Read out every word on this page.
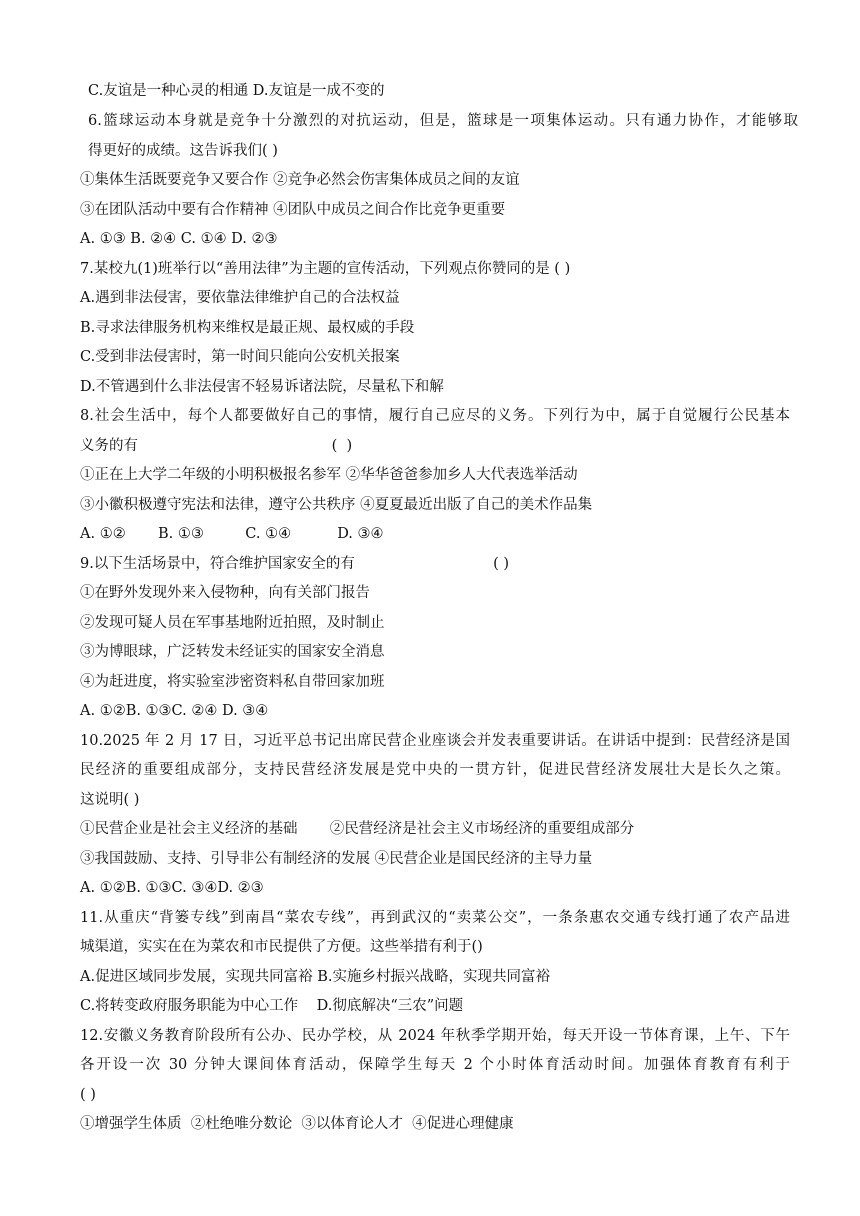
C.友谊是一种心灵的相通 D.友谊是一成不变的
6.篮球运动本身就是竞争十分激烈的对抗运动，但是，篮球是一项集体运动。只有通力协作，才能够取
得更好的成绩。这告诉我们( )
①集体生活既要竞争又要合作 ②竞争必然会伤害集体成员之间的友谊
③在团队活动中要有合作精神 ④团队中成员之间合作比竞争更重要
A. ①③ B. ②④ C. ①④ D. ②③
7.某校九(1)班举行以“善用法律”为主题的宣传活动，下列观点你赞同的是 ( )
A.遇到非法侵害，要依靠法律维护自己的合法权益
B.寻求法律服务机构来维权是最正规、最权威的手段
C.受到非法侵害时，第一时间只能向公安机关报案
D.不管遇到什么非法侵害不轻易诉诸法院，尽量私下和解
8.社会生活中，每个人都要做好自己的事情，履行自己应尽的义务。下列行为中，属于自觉履行公民基本
义务的有                                          (  )
①正在上大学二年级的小明积极报名参军 ②华华爸爸参加乡人大代表选举活动
③小徽积极遵守宪法和法律，遵守公共秩序 ④夏夏最近出版了自己的美术作品集
A. ①②       B. ①③         C. ①④          D. ③④
9.以下生活场景中，符合维护国家安全的有                              ( )
①在野外发现外来入侵物种，向有关部门报告
②发现可疑人员在军事基地附近拍照，及时制止
③为博眼球，广泛转发未经证实的国家安全消息
④为赶进度，将实验室涉密资料私自带回家加班
A. ①②B. ①③C. ②④ D. ③④
10.2025 年 2 月 17 日，习近平总书记出席民营企业座谈会并发表重要讲话。在讲话中提到：民营经济是国
民经济的重要组成部分，支持民营经济发展是党中央的一贯方针，促进民营经济发展壮大是长久之策。
这说明( )
①民营企业是社会主义经济的基础       ②民营经济是社会主义市场经济的重要组成部分
③我国鼓励、支持、引导非公有制经济的发展 ④民营企业是国民经济的主导力量
A. ①②B. ①③C. ③④D. ②③
11.从重庆“背篓专线”到南昌“菜农专线”，再到武汉的“卖菜公交”，一条条惠农交通专线打通了农产品进
城渠道，实实在在为菜农和市民提供了方便。这些举措有利于()
A.促进区域同步发展，实现共同富裕 B.实施乡村振兴战略，实现共同富裕
C.将转变政府服务职能为中心工作    D.彻底解决“三农”问题
12.安徽义务教育阶段所有公办、民办学校，从 2024 年秋季学期开始，每天开设一节体育课，上午、下午
各开设一次 30 分钟大课间体育活动，保障学生每天 2 个小时体育活动时间。加强体育教育有利于
( )
①增强学生体质  ②杜绝唯分数论  ③以体育论人才  ④促进心理健康
